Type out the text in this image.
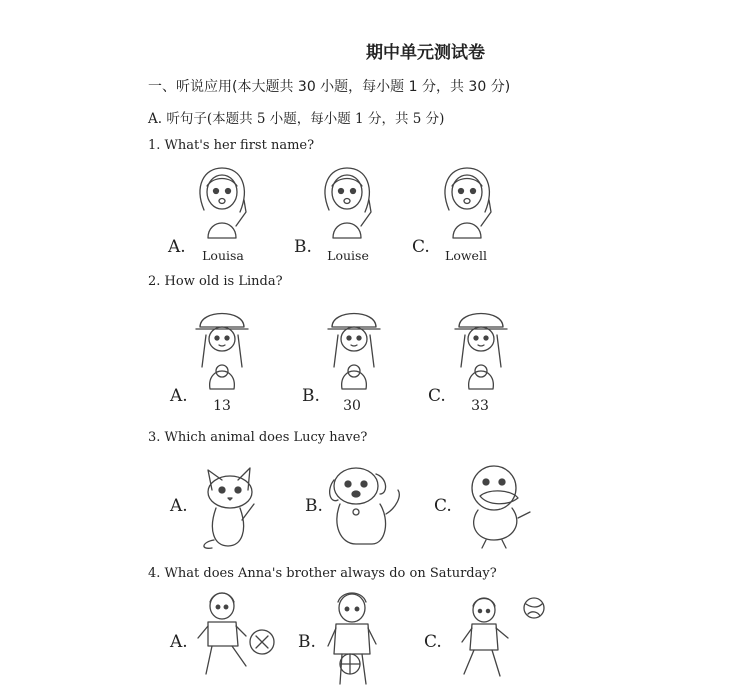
期中单元测试卷
一、听说应用(本大题共 30 小题，每小题 1 分，共 30 分)
A. 听句子(本题共 5 小题，每小题 1 分，共 5 分)
1. What's her first name?
A.	Louisa	B.	Louise	C.	Lowell
2. How old is Linda?
A.	13	B.	30	C.	33
3. Which animal does Lucy have?
A.	B.	C.
4. What does Anna's brother always do on Saturday?
A.	B.	C.
